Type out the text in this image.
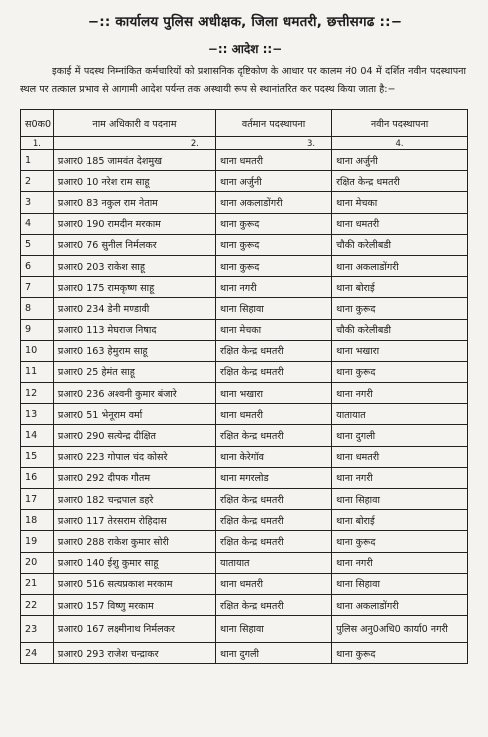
−:: कार्यालय पुलिस अधीक्षक, जिला धमतरी, छत्तीसगढ ::−
−:: आदेश ::−
इकाई में पदस्थ निम्नांकित कर्मचारियों को प्रशासनिक दृष्टिकोण के आधार पर कालम नं0 04 में दर्शित नवीन पदस्थापना स्थल पर तत्काल प्रभाव से आगामी आदेश पर्यन्त तक अस्थायी रूप से स्थानांतरित कर पदस्थ किया जाता है:−
स0क0	नाम अधिकारी व पदनाम	वर्तमान पदस्थापना	नवीन पदस्थापना
1.	2.	3.	4.
1	प्रआर0 185 जामवंत देशमुख	थाना धमतरी	थाना अर्जुनी
2	प्रआर0 10 नरेश राम साहू	थाना अर्जुनी	रक्षित केन्द्र धमतरी
3	प्रआर0 83 नकुल राम नेताम	थाना अकलाडोंगरी	थाना मेचका
4	प्रआर0 190 रामदीन मरकाम	थाना कुरूद	थाना धमतरी
5	प्रआर0 76 सुनील निर्मलकर	थाना कुरूद	चौकी करेलीबडी
6	प्रआर0 203 राकेश साहू	थाना कुरूद	थाना अकलाडोंगरी
7	प्रआर0 175 रामकृष्ण साहू	थाना नगरी	थाना बोराई
8	प्रआर0 234 डेनी मण्डावी	थाना सिहावा	थाना कुरूद
9	प्रआर0 113 मेघराज निषाद	थाना मेचका	चौकी करेलीबडी
10	प्रआर0 163 हेमुराम साहू	रक्षित केन्द्र धमतरी	थाना भखारा
11	प्रआर0 25 हेमंत साहू	रक्षित केन्द्र धमतरी	थाना कुरूद
12	प्रआर0 236 अश्वनी कुमार बंजारे	थाना भखारा	थाना नगरी
13	प्रआर0 51 भेनूराम वर्मा	थाना धमतरी	यातायात
14	प्रआर0 290 सत्येन्द्र दीक्षित	रक्षित केन्द्र धमतरी	थाना दुगली
15	प्रआर0 223 गोपाल चंद कोसरे	थाना केरेगॉव	थाना धमतरी
16	प्रआर0 292 दीपक गौतम	थाना मगरलोड	थाना नगरी
17	प्रआर0 182 चन्द्रपाल डहरे	रक्षित केन्द्र धमतरी	थाना सिहावा
18	प्रआर0 117 तेरसराम रोहिदास	रक्षित केन्द्र धमतरी	थाना बोराई
19	प्रआर0 288 राकेश कुमार सोरी	रक्षित केन्द्र धमतरी	थाना कुरूद
20	प्रआर0 140 ईशु कुमार साहू	यातायात	थाना नगरी
21	प्रआर0 516 सत्यप्रकाश मरकाम	थाना धमतरी	थाना सिहावा
22	प्रआर0 157 विष्णु मरकाम	रक्षित केन्द्र धमतरी	थाना अकलाडोंगरी
23	प्रआर0 167 लक्ष्मीनाथ निर्मलकर	थाना सिहावा	पुलिस अनु0अधि0 कार्या0 नगरी
24	प्रआर0 293 राजेश चन्द्राकर	थाना दुगली	थाना कुरूद
